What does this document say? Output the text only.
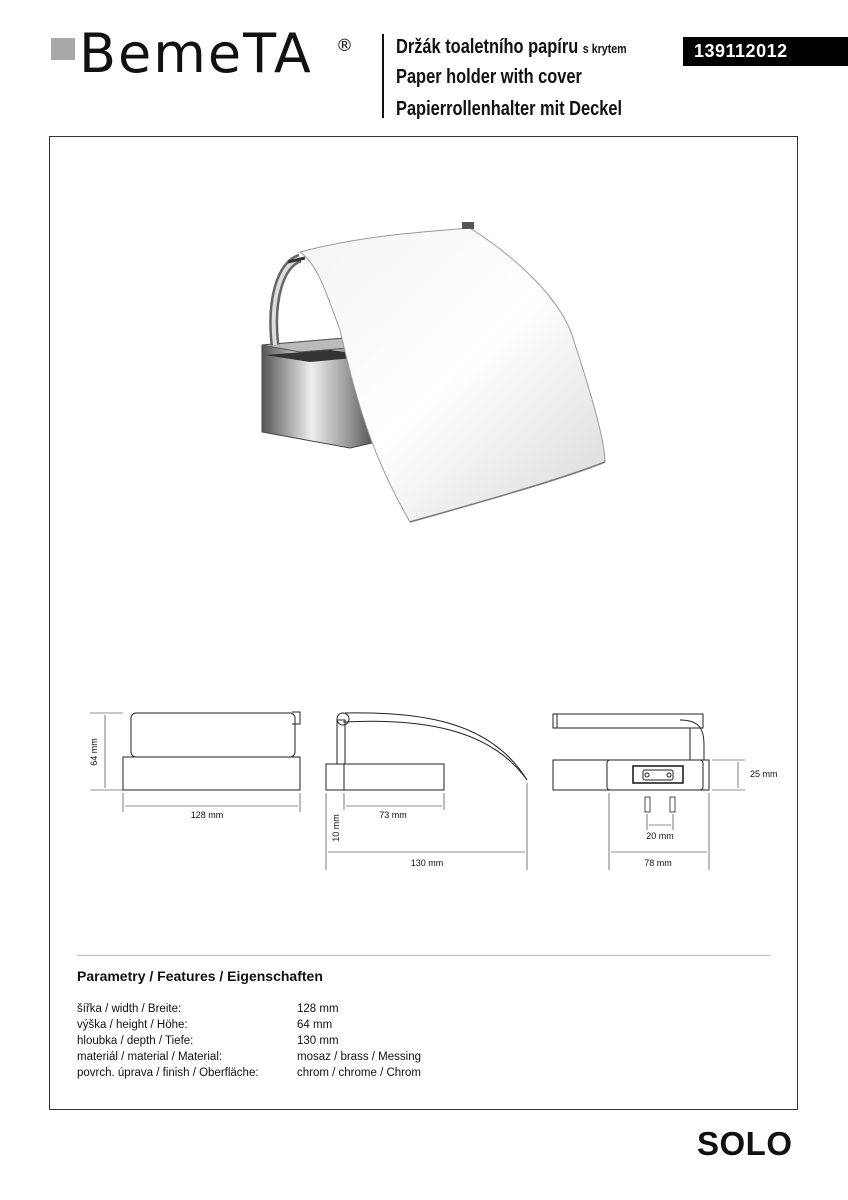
BemeTA ® Držák toaletního papíru s krytem
Paper holder with cover
Papierrollenhalter mit Deckel
139112012
64 mm
128 mm	73 mm
10 mm
130 mm
25 mm
20 mm
78 mm
Parametry / Features / Eigenschaften
šířka / width / Breite:	128 mm
výška / height / Höhe:	64 mm
hloubka / depth / Tiefe:	130 mm
materiál / material / Material:	mosaz / brass / Messing
povrch. úprava / finish / Oberfläche:	chrom / chrome / Chrom
SOLO
